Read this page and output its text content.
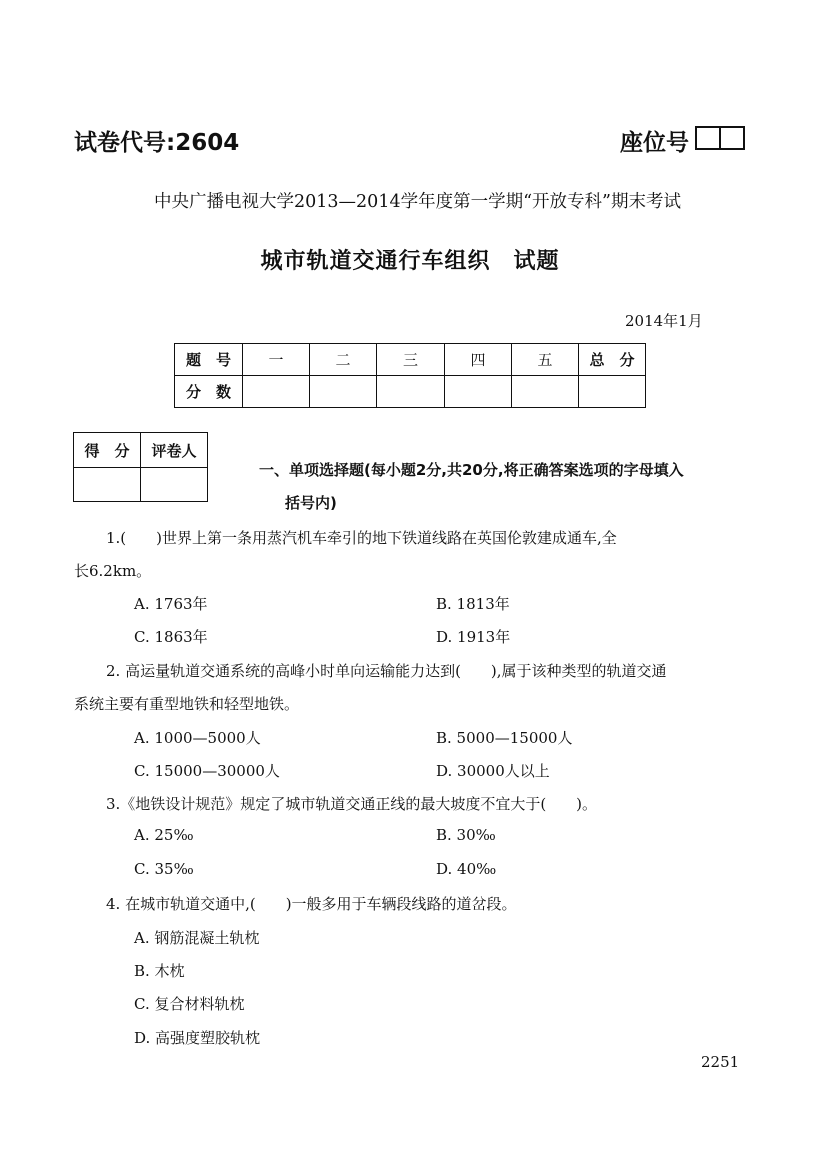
试卷代号:2604	座位号
中央广播电视大学2013—2014学年度第一学期“开放专科”期末考试
城市轨道交通行车组织　试题
2014年1月
题　号	一	二	三	四	五	总　分
分　数						
得　分	评卷人

一、单项选择题(每小题2分,共20分,将正确答案选项的字母填入
括号内)
1.(　　)世界上第一条用蒸汽机车牵引的地下铁道线路在英国伦敦建成通车,全
长6.2km。
A. 1763年	B. 1813年
C. 1863年	D. 1913年
2. 高运量轨道交通系统的高峰小时单向运输能力达到(　　),属于该种类型的轨道交通
系统主要有重型地铁和轻型地铁。
A. 1000—5000人	B. 5000—15000人
C. 15000—30000人	D. 30000人以上
3.《地铁设计规范》规定了城市轨道交通正线的最大坡度不宜大于(　　)。
A. 25‰	B. 30‰
C. 35‰	D. 40‰
4. 在城市轨道交通中,(　　)一般多用于车辆段线路的道岔段。
A. 钢筋混凝土轨枕
B. 木枕
C. 复合材料轨枕
D. 高强度塑胶轨枕
2251
